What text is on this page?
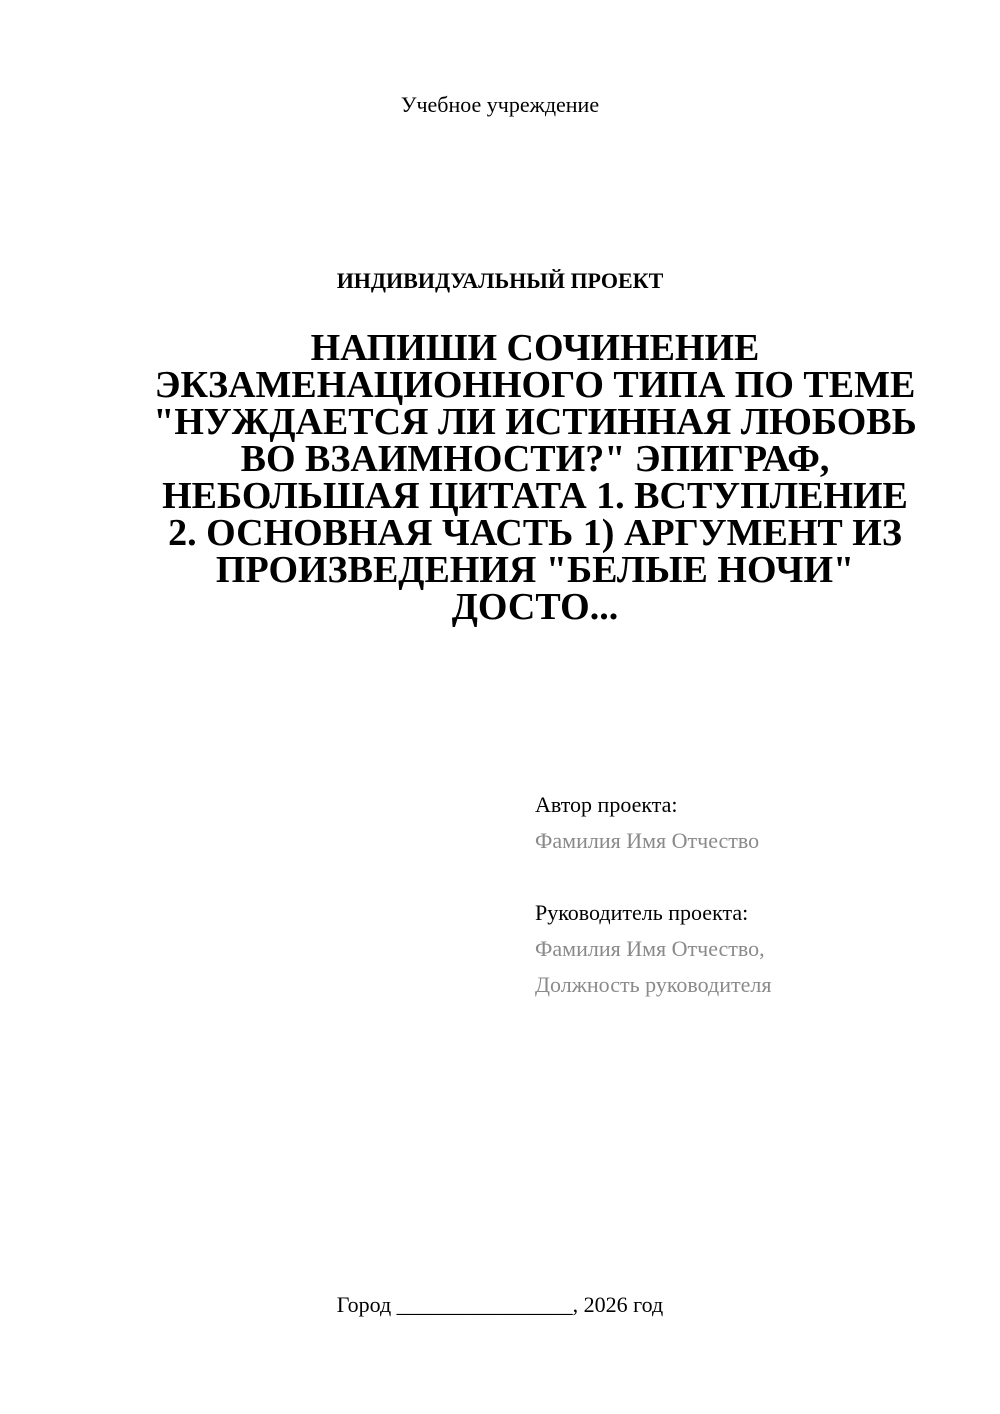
Учебное учреждение
ИНДИВИДУАЛЬНЫЙ ПРОЕКТ
НАПИШИ СОЧИНЕНИЕ ЭКЗАМЕНАЦИОННОГО ТИПА ПО ТЕМЕ "НУЖДАЕТСЯ ЛИ ИСТИННАЯ ЛЮБОВЬ ВО ВЗАИМНОСТИ?" ЭПИГРАФ, НЕБОЛЬШАЯ ЦИТАТА 1. ВСТУПЛЕНИЕ 2. ОСНОВНАЯ ЧАСТЬ 1) АРГУМЕНТ ИЗ ПРОИЗВЕДЕНИЯ "БЕЛЫЕ НОЧИ" ДОСТО...
Автор проекта:
Фамилия Имя Отчество
Руководитель проекта:
Фамилия Имя Отчество,
Должность руководителя
Город ________________, 2026 год
